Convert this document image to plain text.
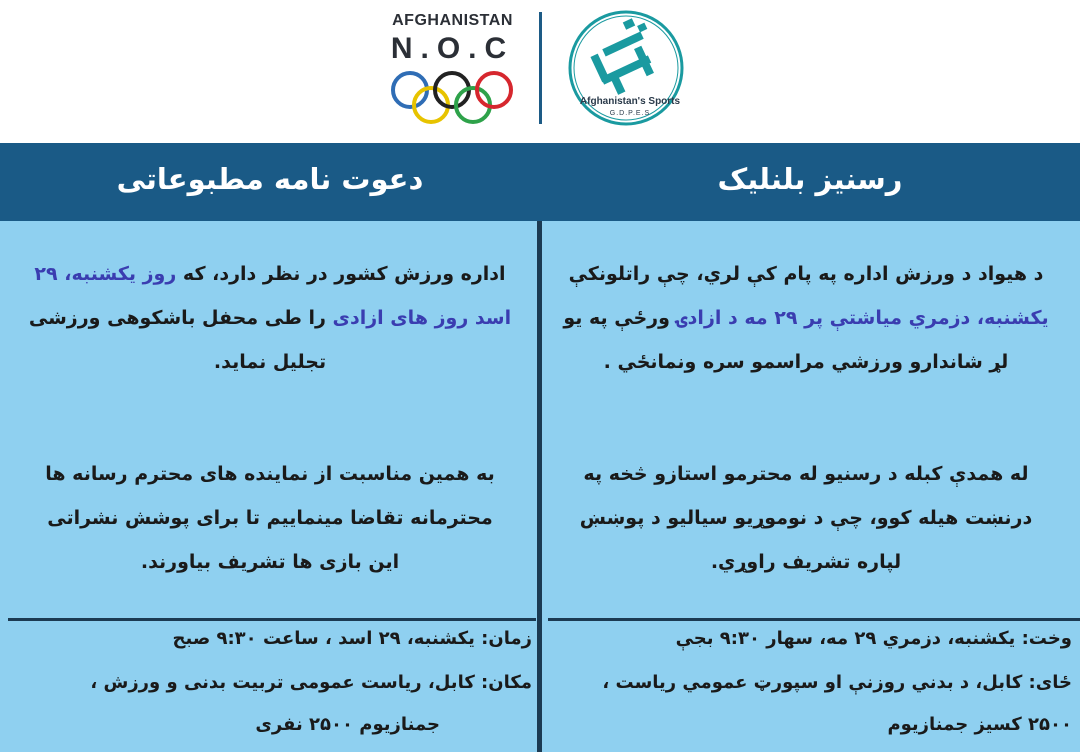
AFGHANISTAN
N.O.C
Afghanistan's Sports
G.D.P.E.S
دعوت نامه مطبوعاتی	رسنیز بلنلیک
اداره ورزش کشور در نظر دارد، که روز یکشنبه، ۲۹ اسد روز های ازادی را طی محفل باشکوهی ورزشی تجلیل نماید.
به همین مناسبت از نماینده های محترم رسانه ها محترمانه تقاضا مینماییم تا برای پوشش نشراتی این بازی ها تشریف بیاورند.
زمان: یکشنبه، ۲۹ اسد ، ساعت ۹:۳۰ صبح
مکان: کابل، ریاست عمومی تربیت بدنی و ورزش ،
جمنازیوم ۲۵۰۰ نفری
د هیواد د ورزش اداره په پام کې لري، چې راتلونکې یکشنبه، دزمري میاشتې پر ۲۹ مه د ازادۍ ورځې په یو لړ شاندارو ورزشي مراسمو سره ونمانځي .
له همدې کبله د رسنیو له محترمو استازو څخه په درنښت هیله کوو، چې د نوموړیو سیالیو د پوښښ لپاره تشریف راوړي.
وخت: یکشنبه، دزمري ۲۹ مه، سهار ۹:۳۰ بجې
ځای: کابل، د بدني روزنې او سپورټ عمومي ریاست ،
۲۵۰۰ کسیز جمنازیوم
